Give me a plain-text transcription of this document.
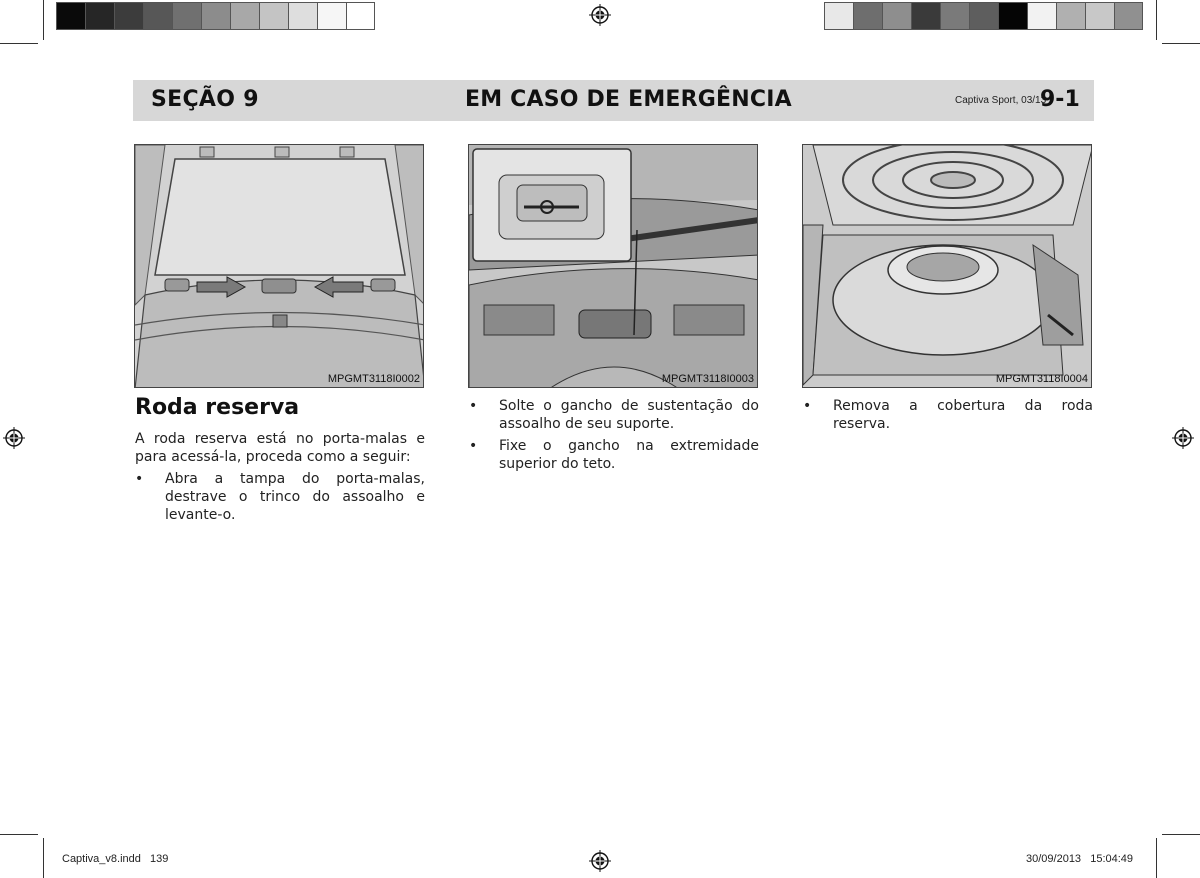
SEÇÃO 9	EM CASO DE EMERGÊNCIA	Captiva Sport, 03/13
9-1
MPGMT3118I0002	MPGMT3118I0003	MPGMT3118I0004
Roda reserva
A roda reserva está no porta-malas e para acessá-la, proceda como a seguir:
• Abra a tampa do porta-malas, destrave o trinco do assoalho e levante-o.
• Solte o gancho de sustentação do assoalho de seu suporte.
• Fixe o gancho na extremidade superior do teto.
• Remova a cobertura da roda reserva.
Captiva_v8.indd   139	30/09/2013   15:04:49
